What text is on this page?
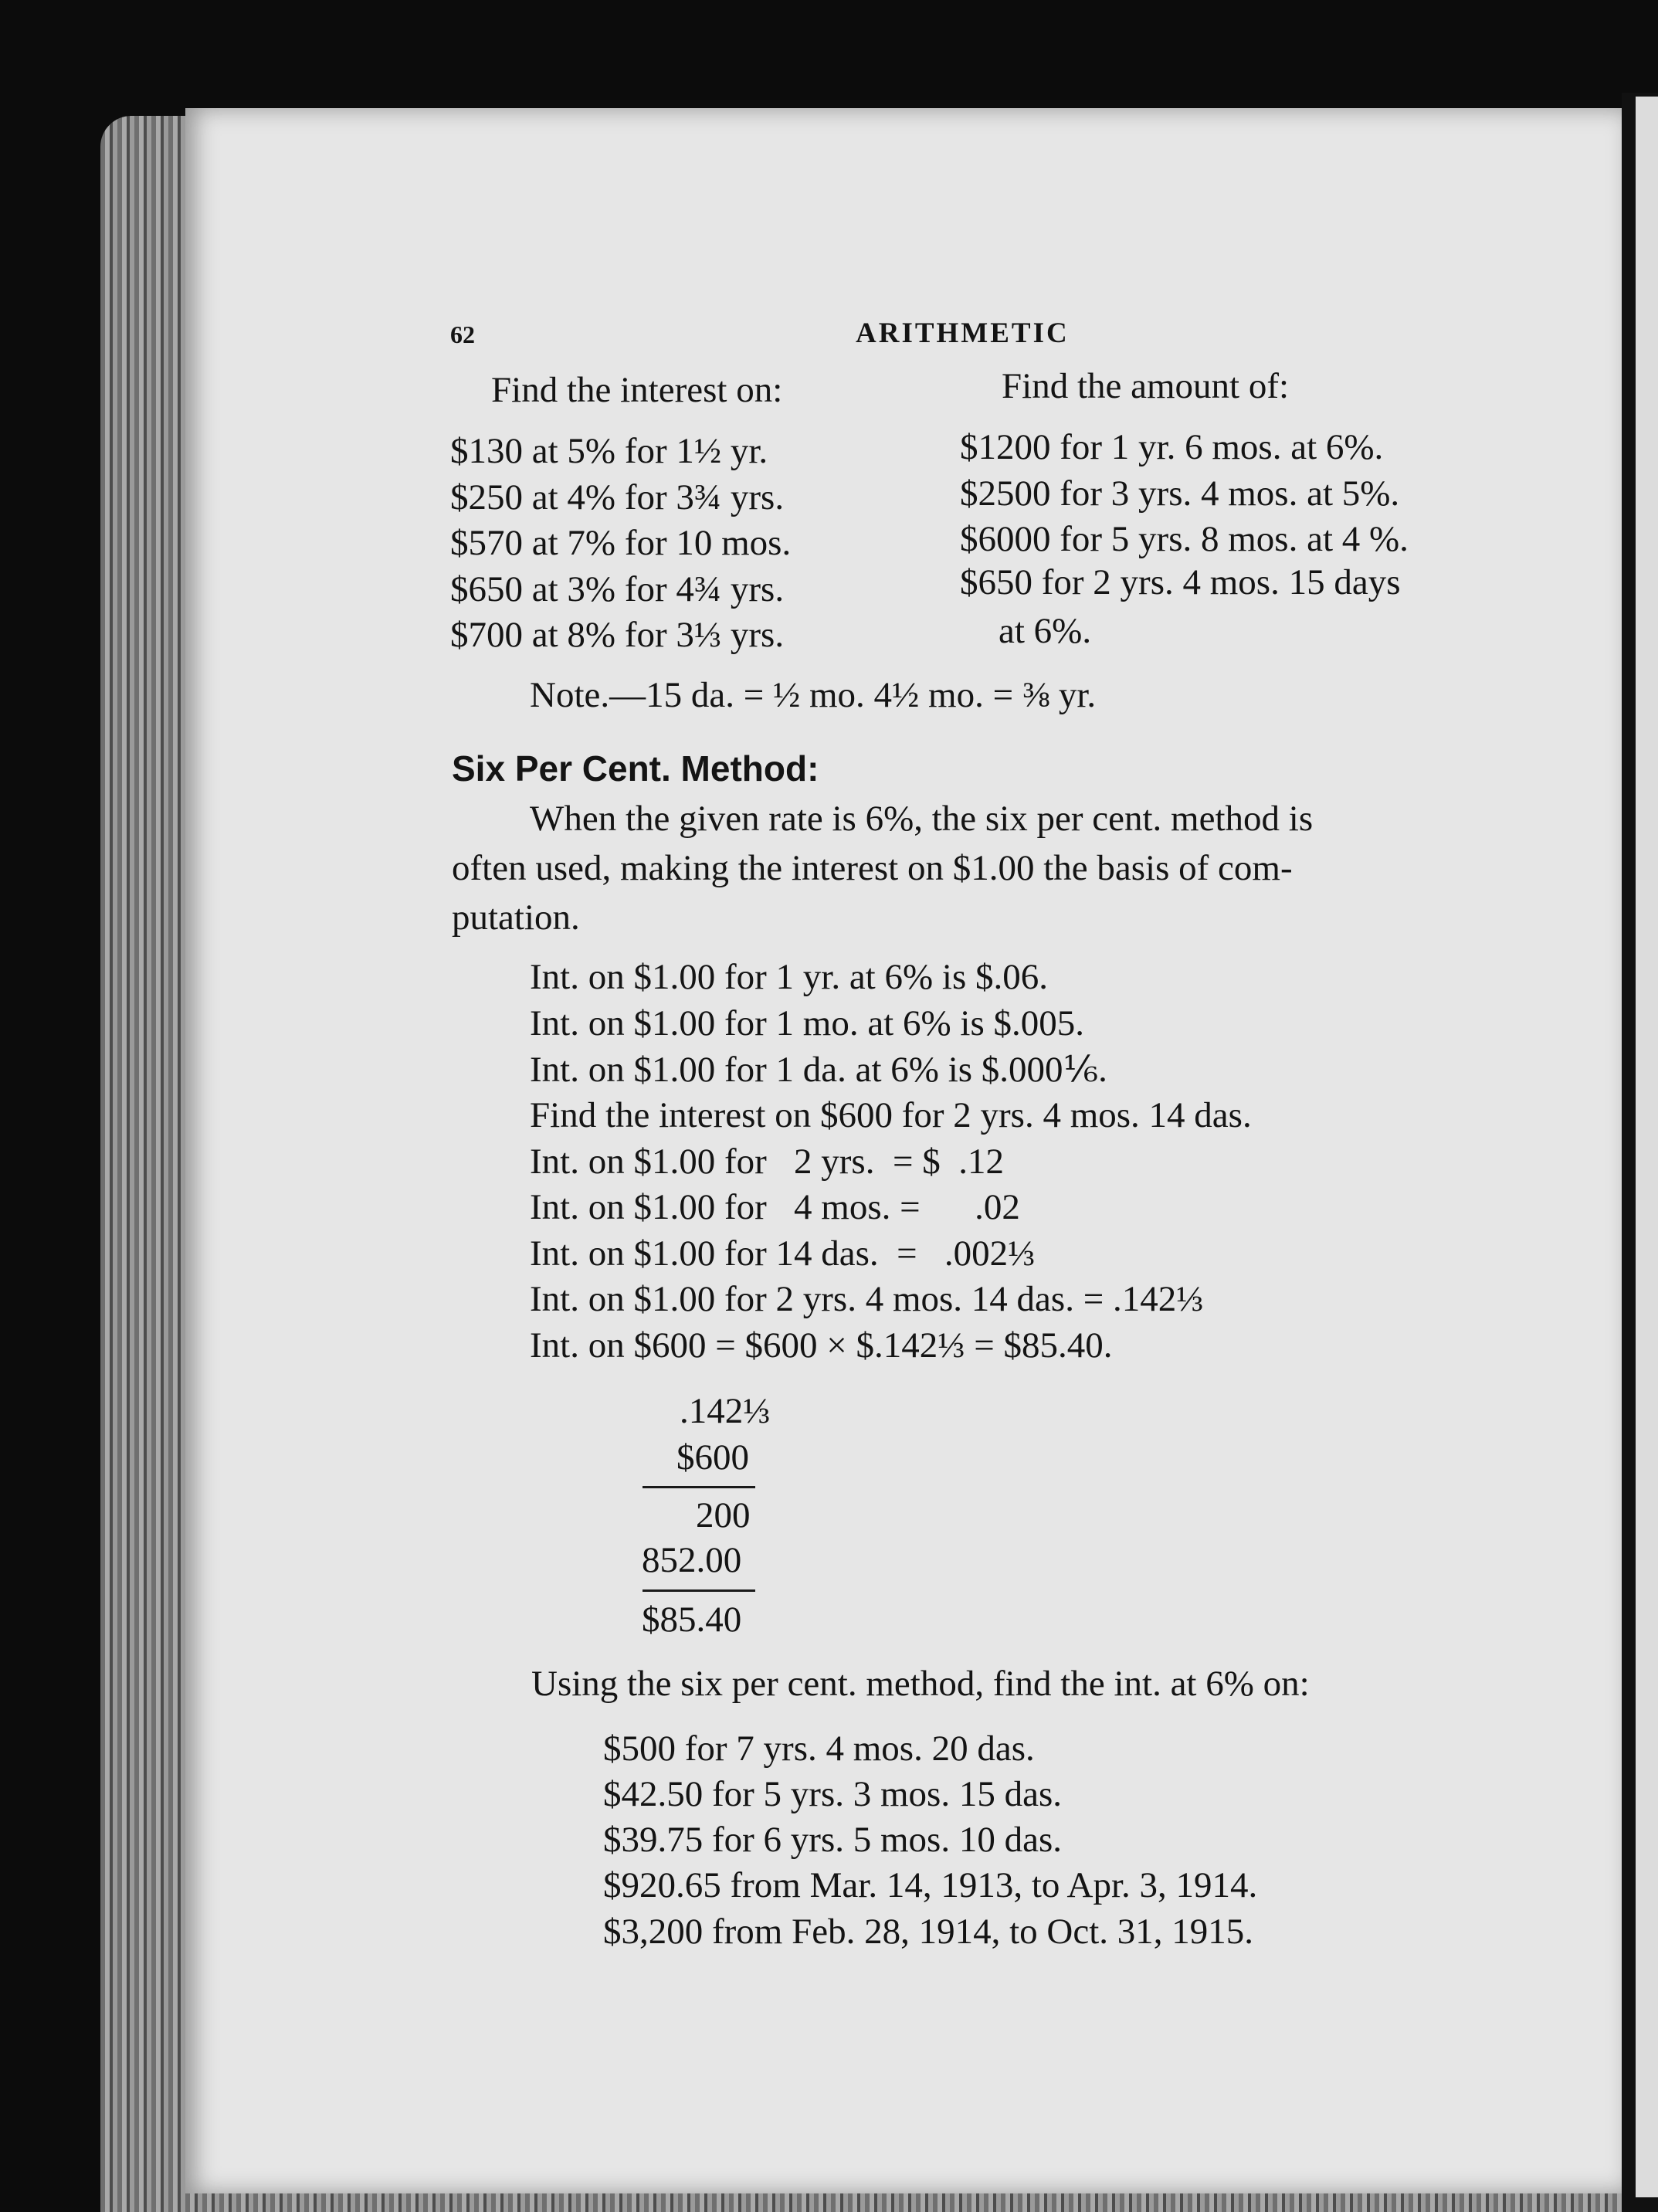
62	ARITHMETIC
Find the interest on:
$130 at 5% for 1½ yr.
$250 at 4% for 3¾ yrs.
$570 at 7% for 10 mos.
$650 at 3% for 4¾ yrs.
$700 at 8% for 3⅓ yrs.
Find the amount of:
$1200 for 1 yr. 6 mos. at 6%.
$2500 for 3 yrs. 4 mos. at 5%.
$6000 for 5 yrs. 8 mos. at 4 %.
$650 for 2 yrs. 4 mos. 15 days
at 6%.
Note.—15 da. = ½ mo. 4½ mo. = ⅜ yr.
Six Per Cent. Method:
When the given rate is 6%, the six per cent. method is
often used, making the interest on $1.00 the basis of com-
putation.
Int. on $1.00 for 1 yr. at 6% is $.06.
Int. on $1.00 for 1 mo. at 6% is $.005.
Int. on $1.00 for 1 da. at 6% is $.000⅙.
Find the interest on $600 for 2 yrs. 4 mos. 14 das.
Int. on $1.00 for   2 yrs.  = $  .12
Int. on $1.00 for   4 mos. =      .02
Int. on $1.00 for 14 das.  =   .002⅓
Int. on $1.00 for 2 yrs. 4 mos. 14 das. = .142⅓
Int. on $600 = $600 × $.142⅓ = $85.40.
.142⅓
$600
200
852.00
$85.40
Using the six per cent. method, find the int. at 6% on:
$500 for 7 yrs. 4 mos. 20 das.
$42.50 for 5 yrs. 3 mos. 15 das.
$39.75 for 6 yrs. 5 mos. 10 das.
$920.65 from Mar. 14, 1913, to Apr. 3, 1914.
$3,200 from Feb. 28, 1914, to Oct. 31, 1915.
